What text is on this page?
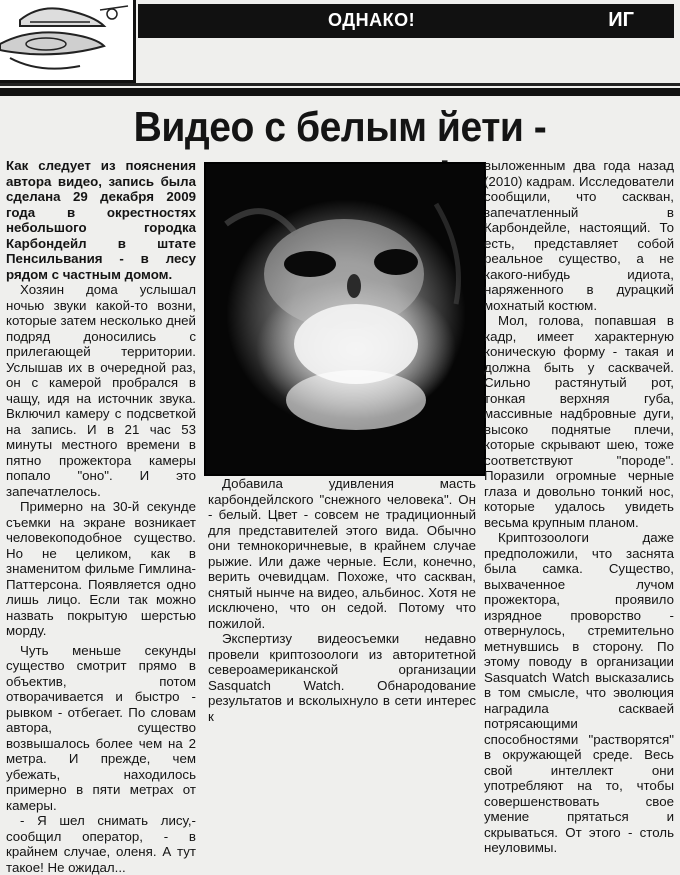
ОДНАКО!	ИГ
Видео с белым йети -

Как следует из пояснения автора видео, запись была сделана 29 декабря 2009 года в окрестностях небольшого городка Карбондейл в штате Пенсильвания - в лесу рядом с частным домом.

Хозяин дома услышал ночью звуки какой-то возни, которые затем несколько дней подряд доносились с прилегающей территории. Услышав их в очередной раз, он с камерой пробрался в чащу, идя на источник звука. Включил камеру с подсветкой на запись. И в 21 час 53 минуты местного времени в пятно прожектора камеры попало "оно". И это запечатлелось.

Примерно на 30-й секунде съемки на экране возникает человекоподобное существо. Но не целиком, как в знаменитом фильме Гимлина-Паттерсона. Появляется одно лишь лицо. Если так можно назвать покрытую шерстью морду.

Чуть меньше секунды существо смотрит прямо в объектив, потом отворачивается и быстро - рывком - отбегает. По словам автора, существо возвышалось более чем на 2 метра. И прежде, чем убежать, находилось примерно в пяти метрах от камеры.

- Я шел снимать лису,- сообщил оператор, - в крайнем случае, оленя. А тут такое! Не ожидал...

Добавила удивления масть карбондейлского "снежного человека". Он - белый. Цвет - совсем не традиционный для представителей этого вида. Обычно они темнокоричневые, в крайнем случае рыжие. Или даже черные. Если, конечно, верить очевидцам. Похоже, что саскван, снятый нынче на видео, альбинос. Хотя не исключено, что он седой. Потому что пожилой.

Экспертизу видеосъемки недавно провели криптозоологи из авторитетной североамериканской организации Sasquatch Watch. Обнародование результатов и всколыхнуло в сети интерес к

выложенным два года назад (2010) кадрам. Исследователи сообщили, что саскван, запечатленный в Карбондейле, настоящий. То есть, представляет собой реальное существо, а не какого-нибудь идиота, наряженного в дурацкий мохнатый костюм.

Мол, голова, попавшая в кадр, имеет характерную коническую форму - такая и должна быть у сасквачей. Сильно растянутый рот, тонкая верхняя губа, массивные надбровные дуги, высоко поднятые плечи, которые скрывают шею, тоже соответствуют "породе". Поразили огромные черные глаза и довольно тонкий нос, которые удалось увидеть весьма крупным планом.

Криптозоологи даже предположили, что заснята была самка. Существо, выхваченное лучом прожектора, проявило изрядное проворство - отвернулось, стремительно метнувшись в сторону. По этому поводу в организации Sasquatch Watch высказались в том смысле, что эволюция наградила саскваей потрясающими способностями "растворятся" в окружающей среде. Весь свой интеллект они употребляют на то, чтобы совершенствовать свое умение прятаться и скрываться. От этого - столь неуловимы.
